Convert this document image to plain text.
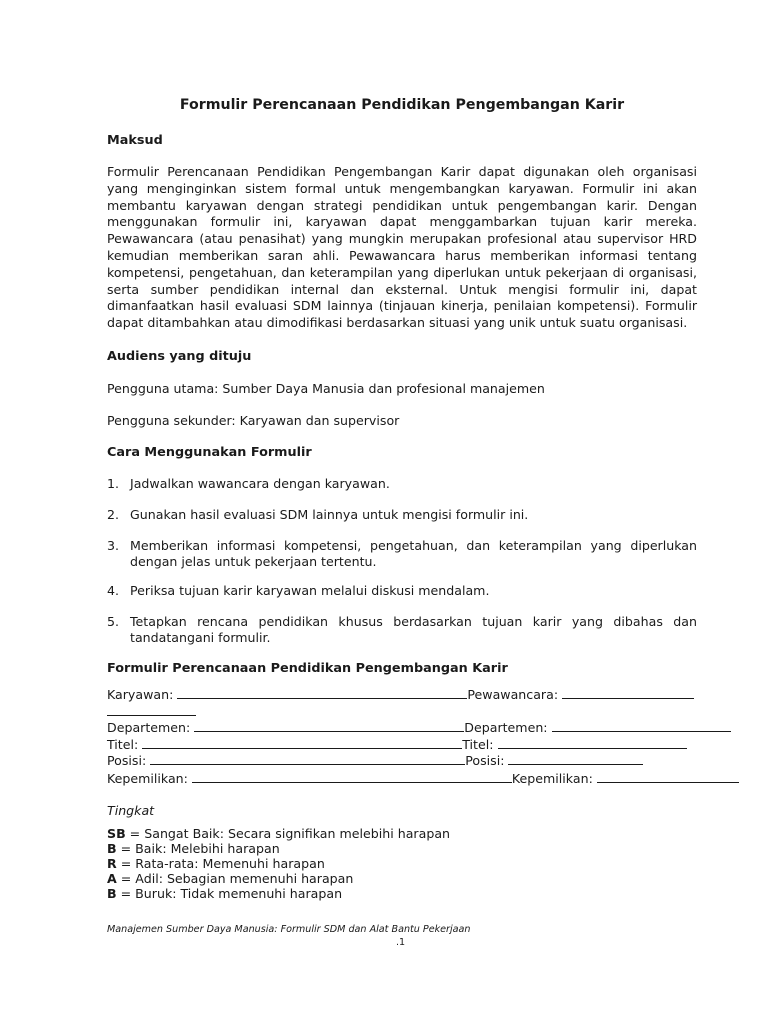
Formulir Perencanaan Pendidikan Pengembangan Karir
Maksud

Formulir Perencanaan Pendidikan Pengembangan Karir dapat digunakan oleh organisasi yang menginginkan sistem formal untuk mengembangkan karyawan. Formulir ini akan membantu karyawan dengan strategi pendidikan untuk pengembangan karir. Dengan menggunakan formulir ini, karyawan dapat menggambarkan tujuan karir mereka. Pewawancara (atau penasihat) yang mungkin merupakan profesional atau supervisor HRD kemudian memberikan saran ahli. Pewawancara harus memberikan informasi tentang kompetensi, pengetahuan, dan keterampilan yang diperlukan untuk pekerjaan di organisasi, serta sumber pendidikan internal dan eksternal. Untuk mengisi formulir ini, dapat dimanfaatkan hasil evaluasi SDM lainnya (tinjauan kinerja, penilaian kompetensi). Formulir dapat ditambahkan atau dimodifikasi berdasarkan situasi yang unik untuk suatu organisasi.

Audiens yang dituju
Pengguna utama: Sumber Daya Manusia dan profesional manajemen
Pengguna sekunder: Karyawan dan supervisor
Cara Menggunakan Formulir
1. Jadwalkan wawancara dengan karyawan.
2. Gunakan hasil evaluasi SDM lainnya untuk mengisi formulir ini.
3. Memberikan informasi kompetensi, pengetahuan, dan keterampilan yang diperlukan dengan jelas untuk pekerjaan tertentu.
4. Periksa tujuan karir karyawan melalui diskusi mendalam.
5. Tetapkan rencana pendidikan khusus berdasarkan tujuan karir yang dibahas dan tandatangani formulir.
Formulir Perencanaan Pendidikan Pengembangan Karir
Karyawan:	Pewawancara:
Departemen:	Departemen:
Titel:	Titel:
Posisi:	Posisi:
Kepemilikan:	Kepemilikan:
Tingkat
SB = Sangat Baik: Secara signifikan melebihi harapan
B = Baik: Melebihi harapan
R = Rata-rata: Memenuhi harapan
A = Adil: Sebagian memenuhi harapan
B = Buruk: Tidak memenuhi harapan
Manajemen Sumber Daya Manusia: Formulir SDM dan Alat Bantu Pekerjaan
.1
